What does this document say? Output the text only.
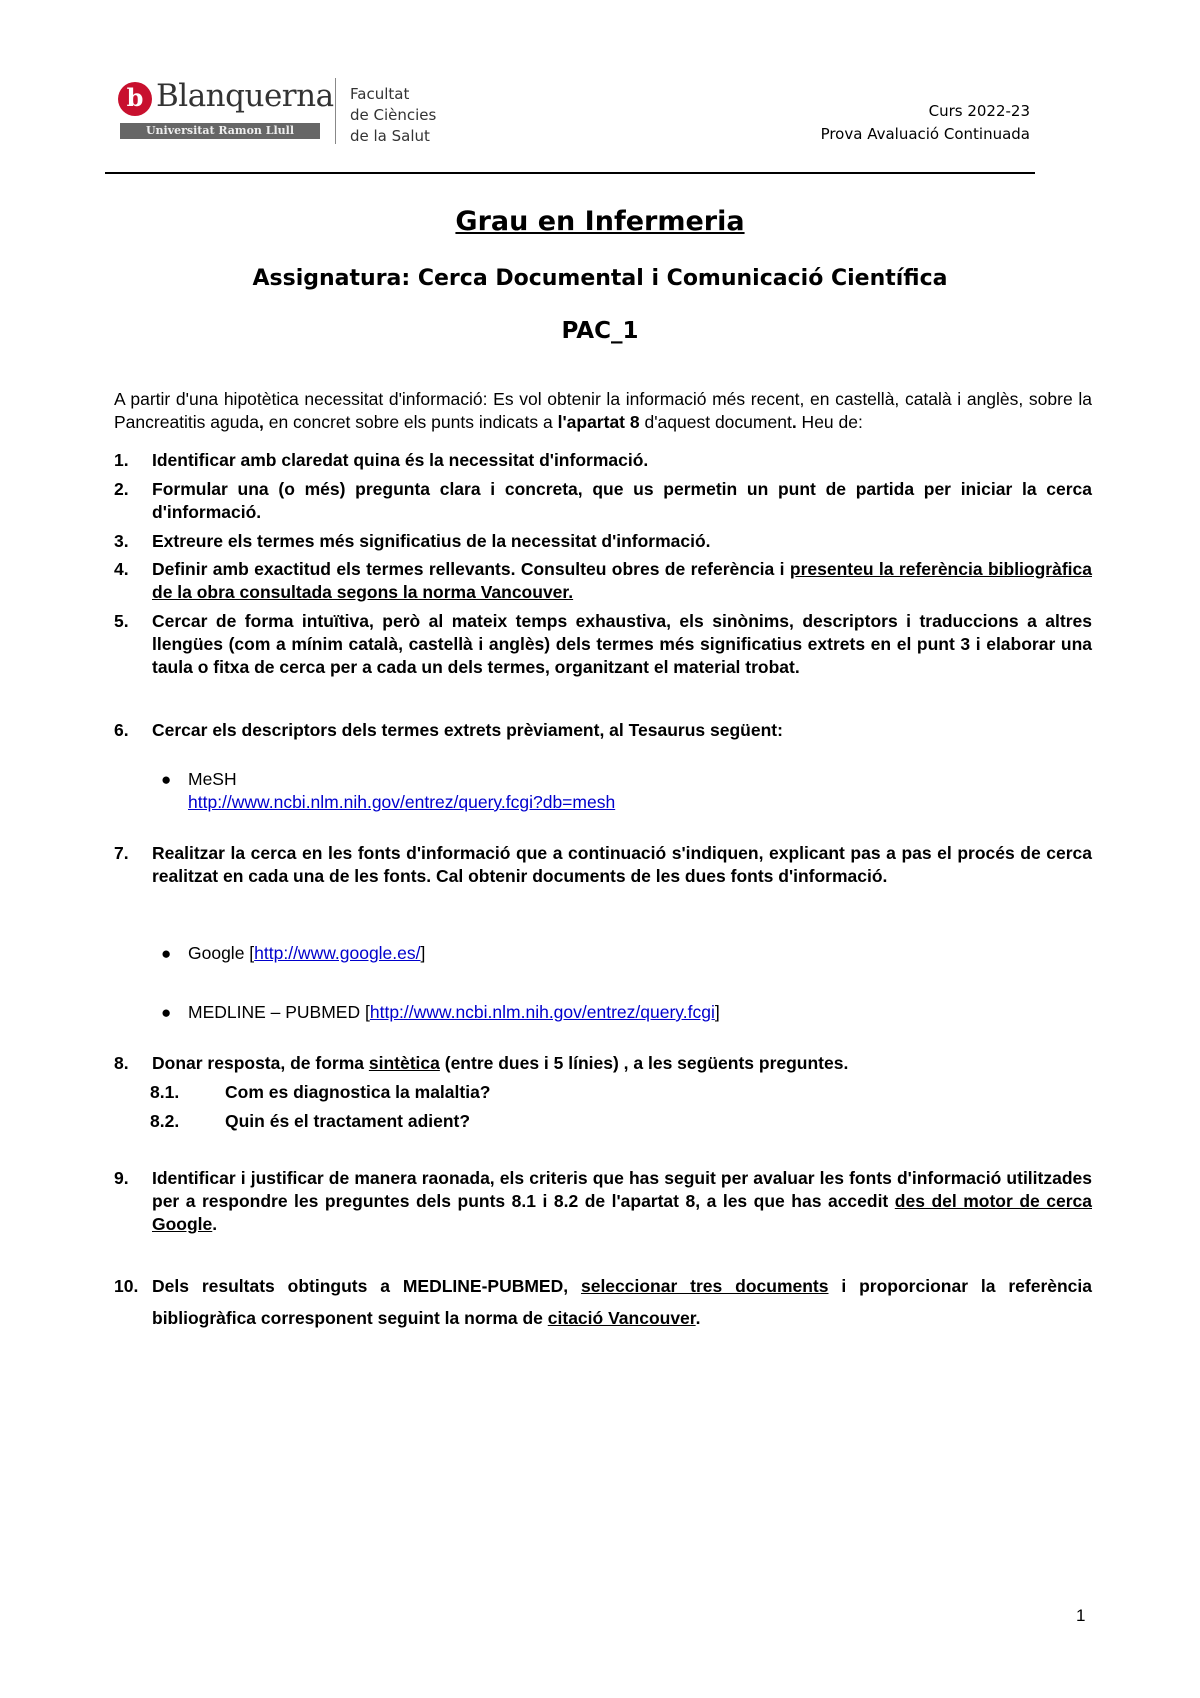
b Blanquerna
Universitat Ramon Llull
Facultat
de Ciències
de la Salut
Curs 2022-23
Prova Avaluació Continuada
Grau en Infermeria
Assignatura: Cerca Documental i Comunicació Científica
PAC_1
A partir d'una hipotètica necessitat d'informació: Es vol obtenir la informació més recent, en castellà, català i anglès, sobre la Pancreatitis aguda, en concret sobre els punts indicats a l'apartat 8 d'aquest document. Heu de:
1. Identificar amb claredat quina és la necessitat d'informació.
2. Formular una (o més) pregunta clara i concreta, que us permetin un punt de partida per iniciar la cerca d'informació.
3. Extreure els termes més significatius de la necessitat d'informació.
4. Definir amb exactitud els termes rellevants. Consulteu obres de referència i presenteu la referència bibliogràfica de la obra consultada segons la norma Vancouver.
5. Cercar de forma intuïtiva, però al mateix temps exhaustiva, els sinònims, descriptors i traduccions a altres llengües (com a mínim català, castellà i anglès) dels termes més significatius extrets en el punt 3 i elaborar una taula o fitxa de cerca per a cada un dels termes, organitzant el material trobat.
6. Cercar els descriptors dels termes extrets prèviament, al Tesaurus següent:
● MeSH
http://www.ncbi.nlm.nih.gov/entrez/query.fcgi?db=mesh
7. Realitzar la cerca en les fonts d'informació que a continuació s'indiquen, explicant pas a pas el procés de cerca realitzat en cada una de les fonts. Cal obtenir documents de les dues fonts d'informació.
● Google [http://www.google.es/]
● MEDLINE – PUBMED [http://www.ncbi.nlm.nih.gov/entrez/query.fcgi]
8. Donar resposta, de forma sintètica (entre dues i 5 línies) , a les següents preguntes.
8.1.	Com es diagnostica la malaltia?
8.2.	Quin és el tractament adient?
9. Identificar i justificar de manera raonada, els criteris que has seguit per avaluar les fonts d'informació utilitzades per a respondre les preguntes dels punts 8.1 i 8.2 de l'apartat 8, a les que has accedit des del motor de cerca Google.
10. Dels resultats obtinguts a MEDLINE-PUBMED, seleccionar tres documents i proporcionar la referència bibliogràfica corresponent seguint la norma de citació Vancouver.
1
